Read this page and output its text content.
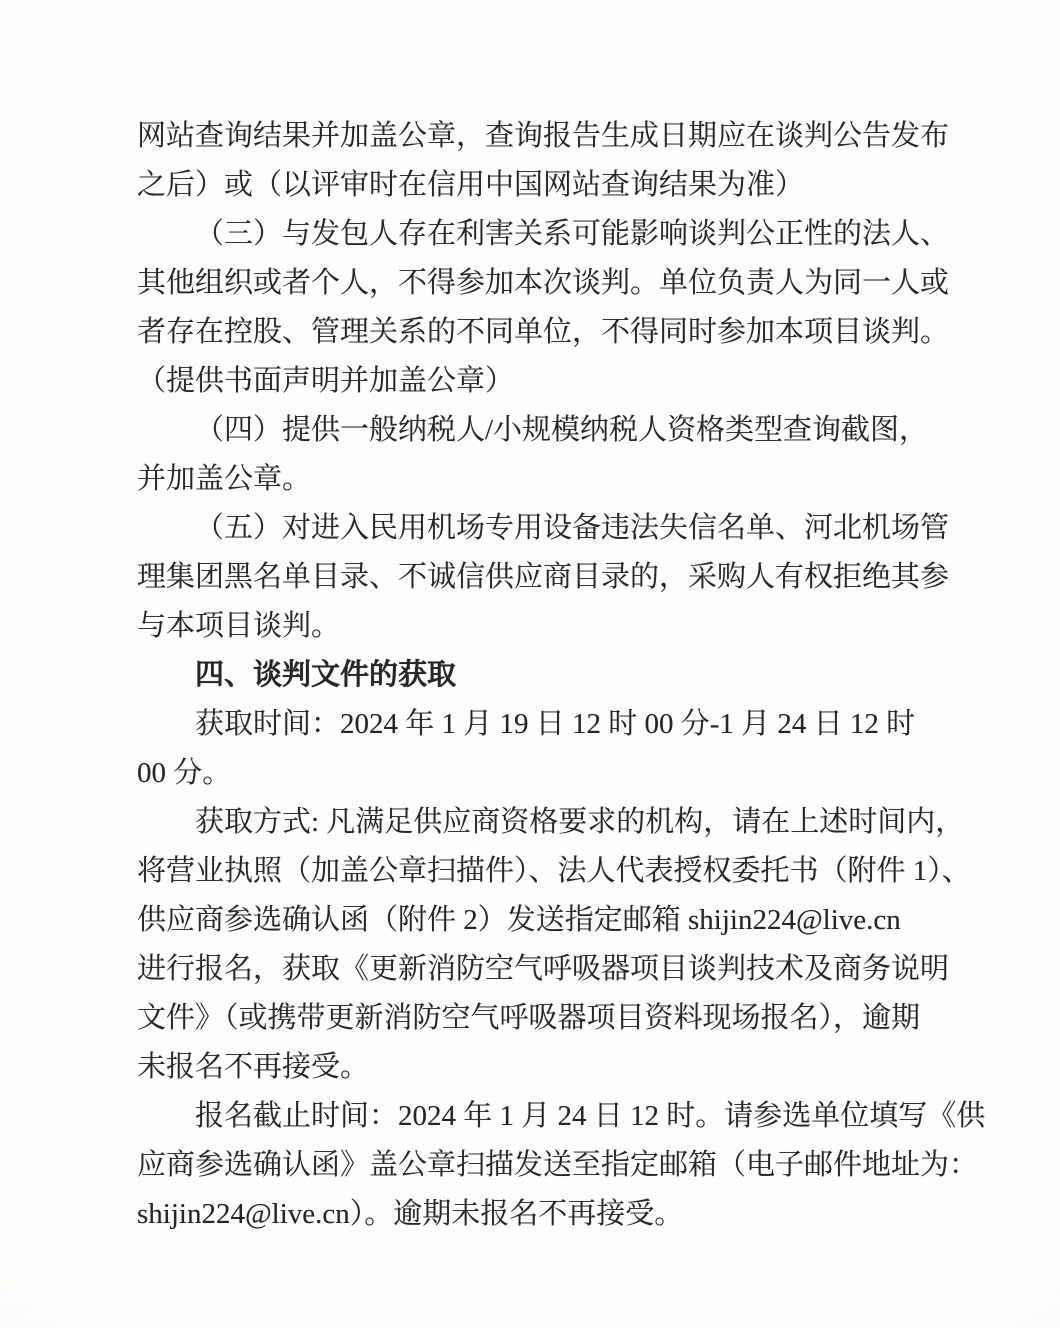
网站查询结果并加盖公章，查询报告生成日期应在谈判公告发布
之后）或（以评审时在信用中国网站查询结果为准）
（三）与发包人存在利害关系可能影响谈判公正性的法人、
其他组织或者个人，不得参加本次谈判。单位负责人为同一人或
者存在控股、管理关系的不同单位，不得同时参加本项目谈判。
（提供书面声明并加盖公章）
（四）提供一般纳税人/小规模纳税人资格类型查询截图，
并加盖公章。
（五）对进入民用机场专用设备违法失信名单、河北机场管
理集团黑名单目录、不诚信供应商目录的，采购人有权拒绝其参
与本项目谈判。
四、谈判文件的获取
获取时间：2024 年 1 月 19 日 12 时 00 分-1 月 24 日 12 时
00 分。
获取方式: 凡满足供应商资格要求的机构，请在上述时间内，
将营业执照（加盖公章扫描件）、法人代表授权委托书（附件 1）、
供应商参选确认函（附件 2）发送指定邮箱 shijin224@live.cn
进行报名，获取《更新消防空气呼吸器项目谈判技术及商务说明
文件》（或携带更新消防空气呼吸器项目资料现场报名），逾期
未报名不再接受。
报名截止时间：2024 年 1 月 24 日 12 时。请参选单位填写《供
应商参选确认函》盖公章扫描发送至指定邮箱（电子邮件地址为：
shijin224@live.cn）。逾期未报名不再接受。
